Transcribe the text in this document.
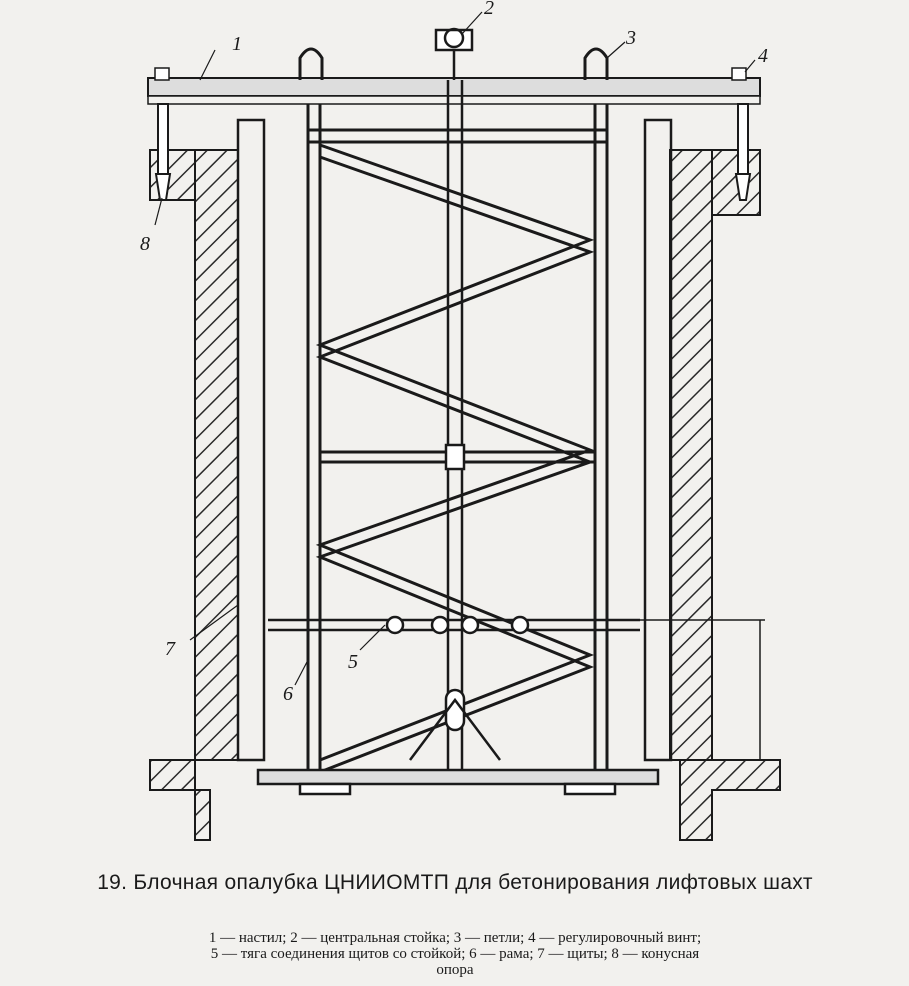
1
2
3
4
5
6
7
8
19. Блочная опалубка ЦНИИОМТП для бетонирования лифтовых шахт
1 — настил; 2 — центральная стойка; 3 — петли; 4 — регулировочный винт;
5 — тяга соединения щитов со стойкой; 6 — рама; 7 — щиты; 8 — конусная
опора
